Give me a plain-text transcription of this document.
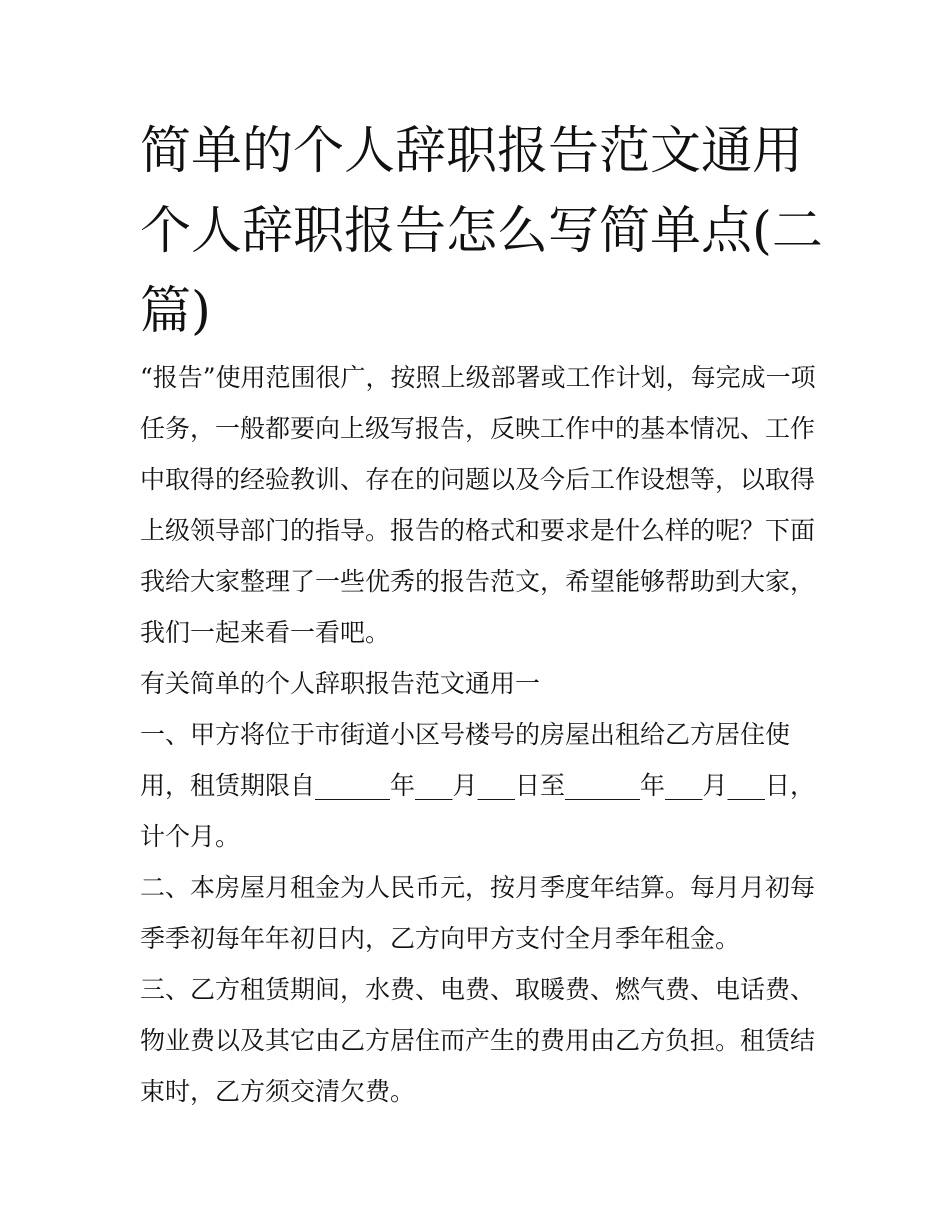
简单的个人辞职报告范文通用个人辞职报告怎么写简单点(二篇)

“报告”使用范围很广，按照上级部署或工作计划，每完成一项任务，一般都要向上级写报告，反映工作中的基本情况、工作中取得的经验教训、存在的问题以及今后工作设想等，以取得上级领导部门的指导。报告的格式和要求是什么样的呢？下面我给大家整理了一些优秀的报告范文，希望能够帮助到大家，我们一起来看一看吧。

有关简单的个人辞职报告范文通用一

一、甲方将位于市街道小区号楼号的房屋出租给乙方居住使用，租赁期限自______年___月___日至______年___月___日，计个月。

二、本房屋月租金为人民币元，按月季度年结算。每月月初每季季初每年年初日内，乙方向甲方支付全月季年租金。

三、乙方租赁期间，水费、电费、取暖费、燃气费、电话费、物业费以及其它由乙方居住而产生的费用由乙方负担。租赁结束时，乙方须交清欠费。
